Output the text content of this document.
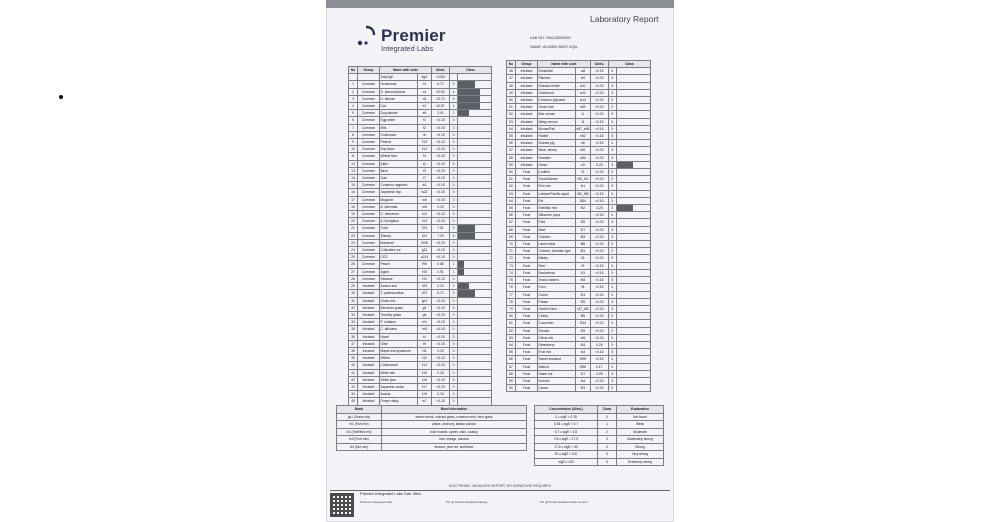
Premier
Integrated Labs
Laboratory Report
LAB NO: SML25000502
NAME: ALMING BINTI AQIL
No	Group	Name with code		IU/mL	Class	
		Total IgE	tIgE	>1000		

1	Common	Housedust	h1	6.72	3	

2	Common	D. pteronyssinus	d1	20.53	4	

3	Common	D. farinae	d2	23.74	4	

4	Common	Cat	e1	42.87	4	

5	Common	Dog dander	e5	3.01	2	

6	Common	Egg white	f1	<0.15	0	

7	Common	Milk	f2	<0.15	0	

8	Common	Cockroach	i6	<0.15	0	

9	Common	Peanut	f13	<0.15	0	

10	Common	Soy bean	f14	<0.15	0	

11	Common	Wheat flour	f4	<0.15	0	

12	Common	Alder	t2	<0.15	0	

13	Common	Birch	t3	<0.15	0	

14	Common	Oak	t7	<0.15	0	

15	Common	Common ragweed	w1	<0.15	0	

16	Common	Japanese hop	w22	<0.15	0	

17	Common	Mugwort	w6	<0.15	0	

18	Common	A. alternata	m6	0.16	0	

19	Common	C. herbarum	m2	<0.15	0	

20	Common	A. fumigatus	m3	<0.15	0	

21	Common	Crab	f23	7.51	3	

22	Common	Shrimp	f24	7.29	3	

23	Common	Mackerel	f206	<0.15	0	

24	Common	Cultivated rye	g12	<0.15	0	

25	Common	CCD	o214	<0.15	0	

26	Common	Peach	f95	0.88	1	

27	Common	Apple	f49	0.91	1	

28	Common	Sesame	f10	<0.15	0	

29	Inhalant	Acarus siro	d70	2.24	2	

30	Inhalant	T. putrescentiae	d72	8.72	3	

31	Inhalant	Grass mix	gx1	<0.15	0	

32	Inhalant	Bermuda grass	g2	<0.15	0	

33	Inhalant	Timothy grass	g6	<0.15	0	

34	Inhalant	P. notatum	m1	<0.15	0	

35	Inhalant	C. albicans	m5	<0.15	0	

36	Inhalant	Hazel	t4	<0.15	0	

37	Inhalant	Olive	t9	<0.15	0	

38	Inhalant	Maple leaf sycamore	t11	0.16	0	

39	Inhalant	Willow	t12	<0.15	0	

40	Inhalant	Cottonwood	t14	<0.15	0	

41	Inhalant	White ash	t15	0.18	0	

42	Inhalant	White pine	t16	<0.15	0	

43	Inhalant	Japanese cedar	t17	<0.15	0	

44	Inhalant	Acacia	t19	0.16	0	

45	Inhalant	Oxeye daisy	w7	<0.15	0	
No	Group	Name with code		IU/mL	Class	
46	Inhalant	Dandelion	w8	<0.15	0	

47	Inhalant	Plantain	w9	<0.15	0	

48	Inhalant	Russian thistle	w11	<0.15	0	

49	Inhalant	Goldenrod	w12	<0.15	0	

50	Inhalant	Common pigweed	w14	<0.15	0	

51	Inhalant	Horse hair	e82	<0.15	0	

52	Inhalant	Bee venom	i1	<0.15	0	

53	Inhalant	Wasp venom	i3	<0.15	0	

54	Inhalant	Mouse/Rat	e87_e88	<0.15	0	

55	Inhalant	Rabbit	e82	<0.15	0	

56	Inhalant	Guinea pig	e6	<0.15	0	

57	Inhalant	Wool, sheep	e81	<0.15	0	

58	Inhalant	Hamster	e84	<0.15	0	

59	Inhalant	Horse	e3	5.28	3	

60	Food	Codfish	f3	<0.15	0	

61	Food	Tuna/Salmon	f40_f41	<0.15	0	

62	Food	Fish mix	fx1	<0.15	0	

63	Food	Lobster/Pacific squid	f80_f58	<0.15	0	

64	Food	Eel	f264	<0.15	0	

65	Food	Shellfish mix	fx2	4.28	3	

66	Food	Silkworm pupa		<0.15	0	

67	Food	Pork	f26	<0.15	0	

68	Food	Beef	f27	<0.15	0	

69	Food	Chicken	f83	<0.15	0	

70	Food	Lamb meat	f88	<0.15	0	

71	Food	Cheese, cheddar type	f81	<0.15	0	

72	Food	Barley	f6	<0.15	0	

73	Food	Rice	f9	<0.15	0	

74	Food	Buckwheat	f11	<0.15	0	

75	Food	Yeast, baker's	f45	<0.15	0	

76	Food	Corn	f8	<0.15	0	

77	Food	Carrot	f31	<0.15	0	

78	Food	Potato	f35	<0.15	0	

79	Food	Garlic/Onion	f47_f48	<0.15	0	

80	Food	Celery	f85	<0.15	0	

81	Food	Cucumber	f244	<0.15	0	

82	Food	Tomato	f25	<0.15	0	

83	Food	Citrus mix	fx5	<0.15	0	

84	Food	Strawberry	f44	0.26	0	

85	Food	Fruit mix	fx3	<0.15	0	

86	Food	Sweet chestnut	f299	<0.15	0	

87	Food	Walnut	f256	0.17	0	

88	Food	Hazel nut	f17	0.25	0	

89	Food	Nut mix	fx4	<0.15	0	

90	Food	Cacao	f93	<0.15	0	
Band	Band Information
gx1 (Grass mix)	sweet vernal, orchard grass, common reed, bent grass
fx1 (Fish mix)	plaice, anchovy, alaska pollock
fx2 (Shellfish mix)	blue mussel, oyster, clam, scallop
fx3 (Fruit mix)	kiwi, mango, banana
fx4 (Nut mix)	almond, pine nut, sunflower
Concentration (IU/mL)	Class	Explanation
0 ≤ sIgE < 0.35	0	Not found
0.35 ≤ sIgE < 0.7	1	Weak
0.7 ≤ sIgE < 3.5	2	Moderate
3.5 ≤ sIgE < 17.5	3	Moderately strong
17.5 ≤ sIgE < 50	4	Strong
50 ≤ sIgE < 100	5	Very strong
sIgE ≥ 100	6	Extremely strong
ELECTRONIC VALIDATED REPORT, NO SIGNATURE REQUIRED
Premier Integrated Labs Sdn. Bhd.
Premier Integrated Labs	PIL @ Pantai Hospital Ampang	PIL @ Pusat Hospital Kuala Lumpur
